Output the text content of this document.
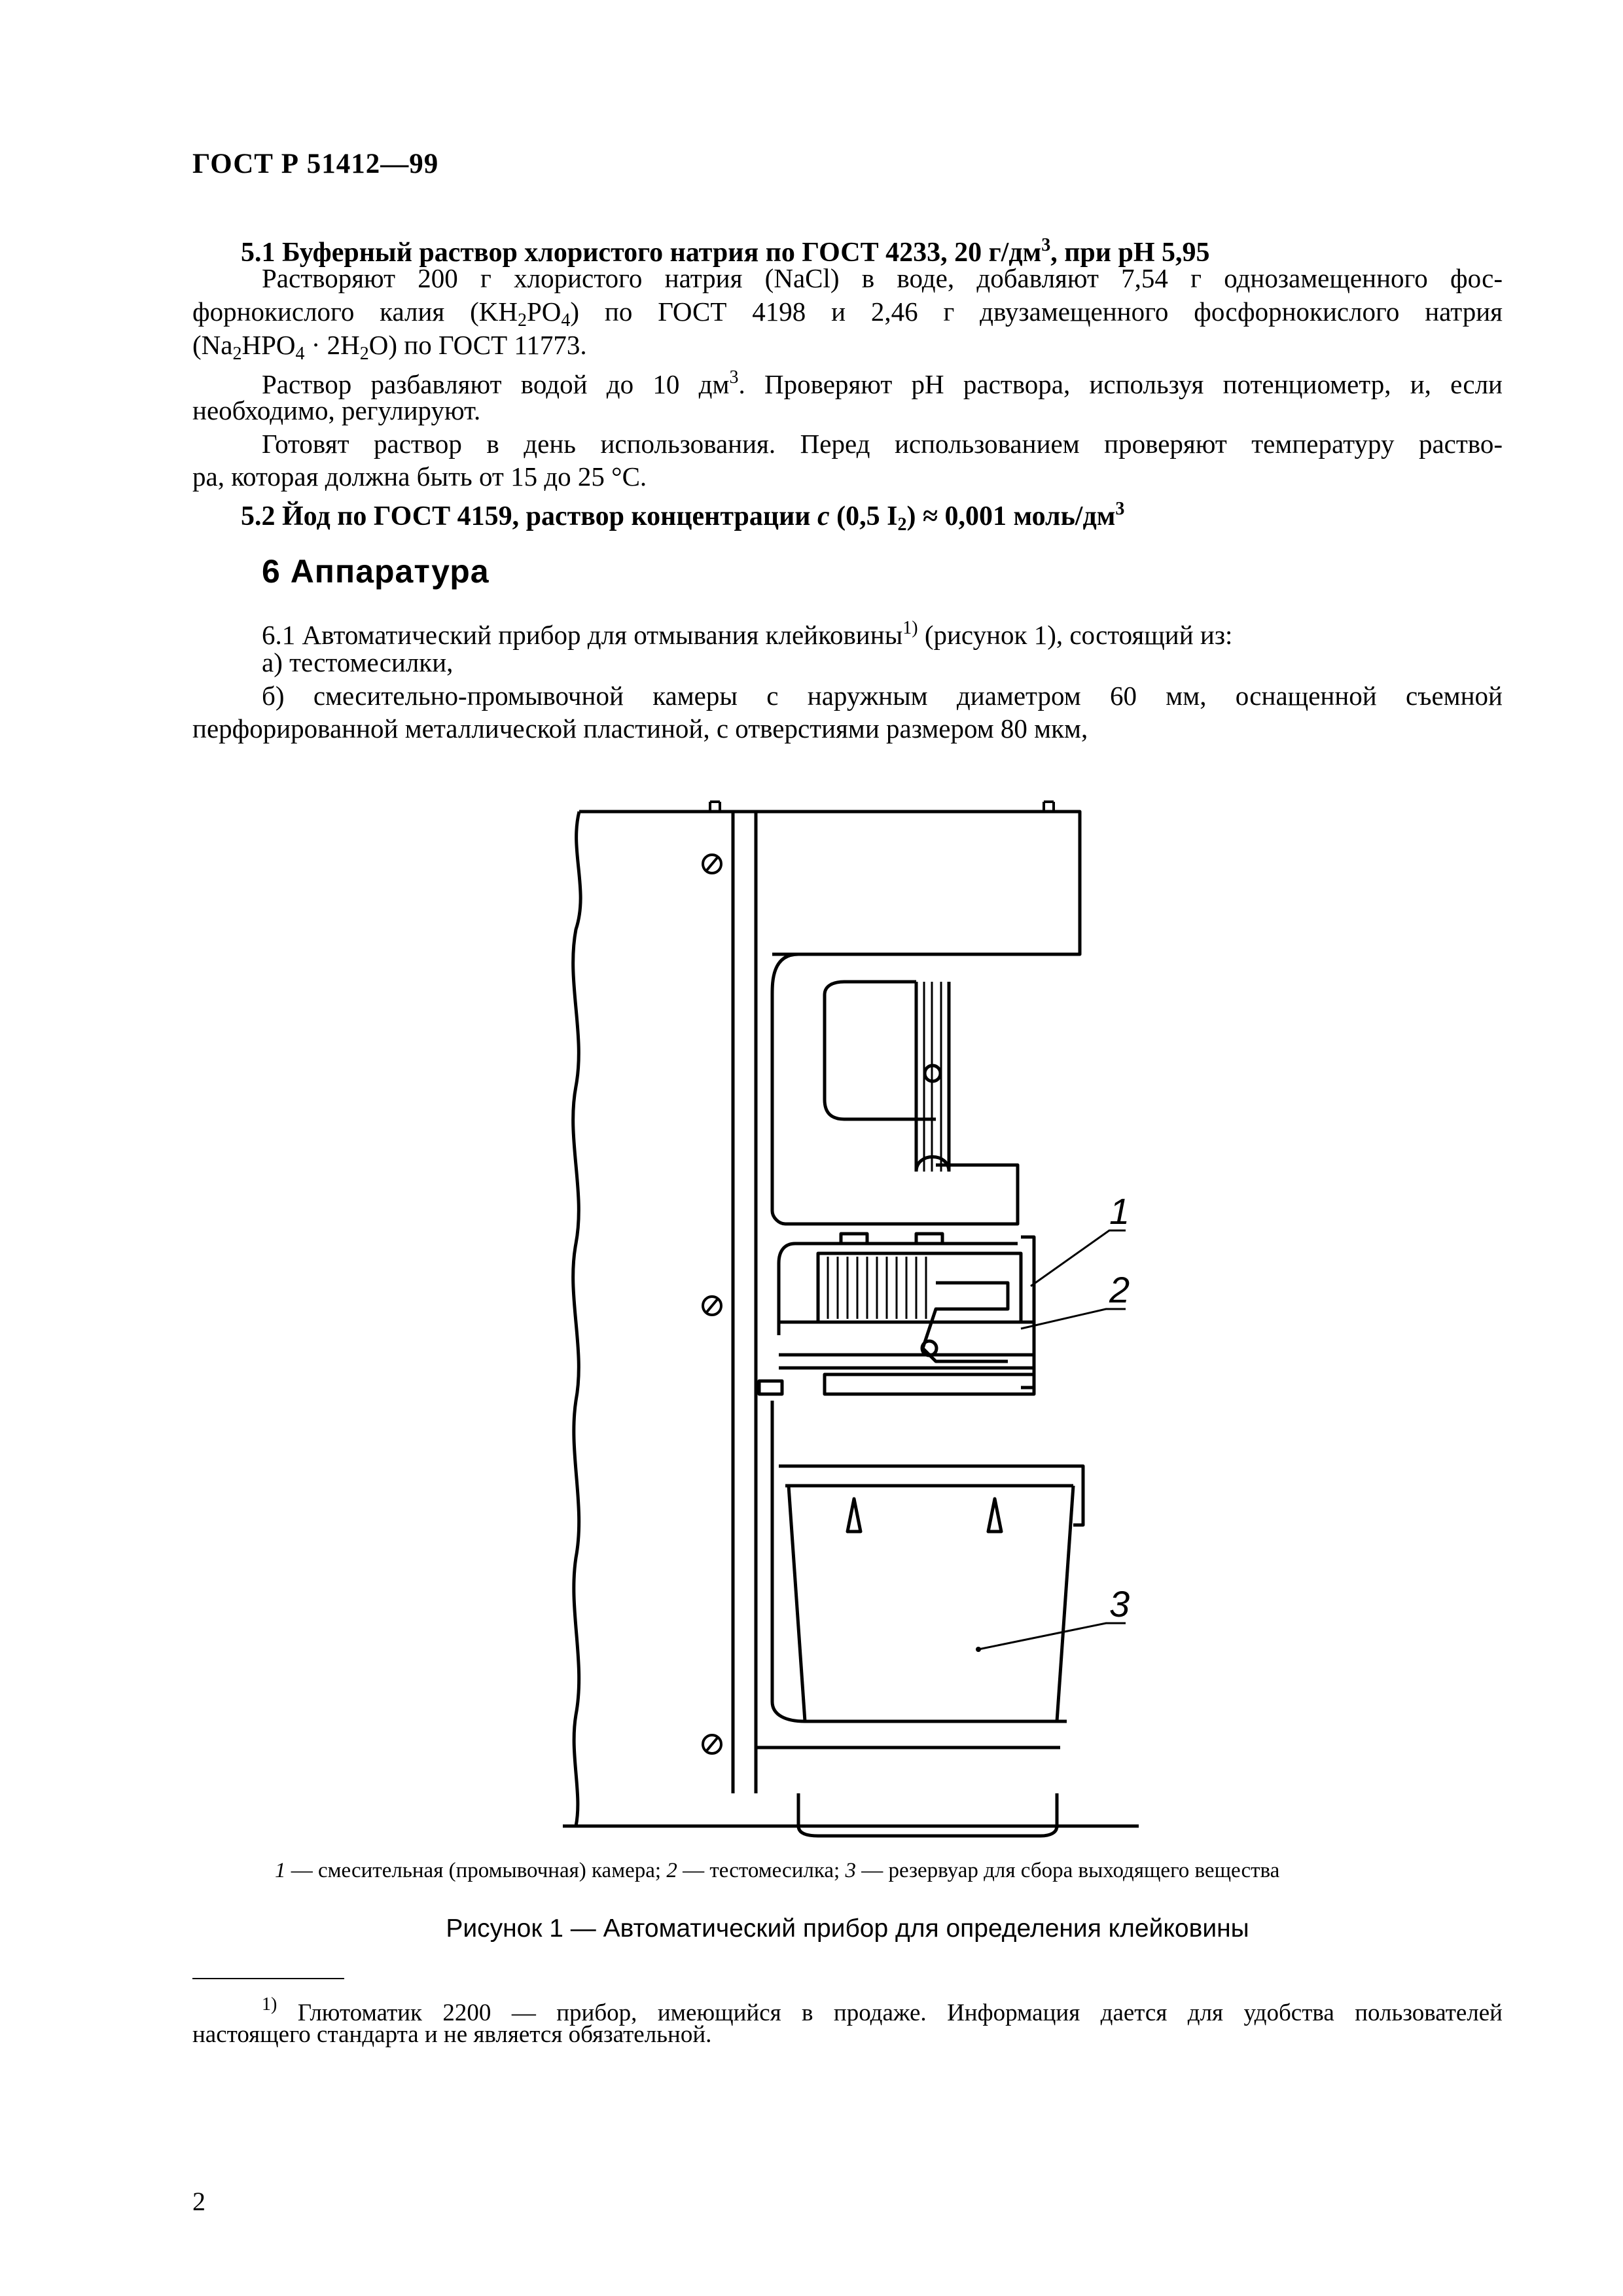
ГОСТ Р 51412—99
5.1 Буферный раствор хлористого натрия по ГОСТ 4233, 20 $г/дм^3$, при pH 5,95
Растворяют 200 г хлористого натрия (NaCl) в воде, добавляют 7,54 г однозамещенного фос-
форнокислого калия $(KH_2PO_4)$ по ГОСТ 4198 и 2,46 г двузамещенного фосфорнокислого натрия
$(Na_2HPO_4 \cdot 2H_2O)$ по ГОСТ 11773.
Раствор разбавляют водой до 10 $дм^3$. Проверяют pH раствора, используя потенциометр, и, если
необходимо, регулируют.
Готовят раствор в день использования. Перед использованием проверяют температуру раство-
ра, которая должна быть от 15 до 25 °С.
5.2 Йод по ГОСТ 4159, раствор концентрации c (0,5 $I_2) \approx 0,001$ моль/$дм^3$
6 Аппаратура
6.1 Автоматический прибор для отмывания клейковины$^{1)}$ (рисунок 1), состоящий из:
а) тестомесилки,
б) смесительно-промывочной камеры с наружным диаметром 60 мм, оснащенной съемной
перфорированной металлической пластиной, с отверстиями размером 80 мкм,
1
2
3
1 — смесительная (промывочная) камера; 2 — тестомесилка; 3 — резервуар для сбора выходящего вещества
Рисунок 1 — Автоматический прибор для определения клейковины
$^{1)}$ Глютоматик 2200 — прибор, имеющийся в продаже. Информация дается для удобства пользователей
настоящего стандарта и не является обязательной.
2
